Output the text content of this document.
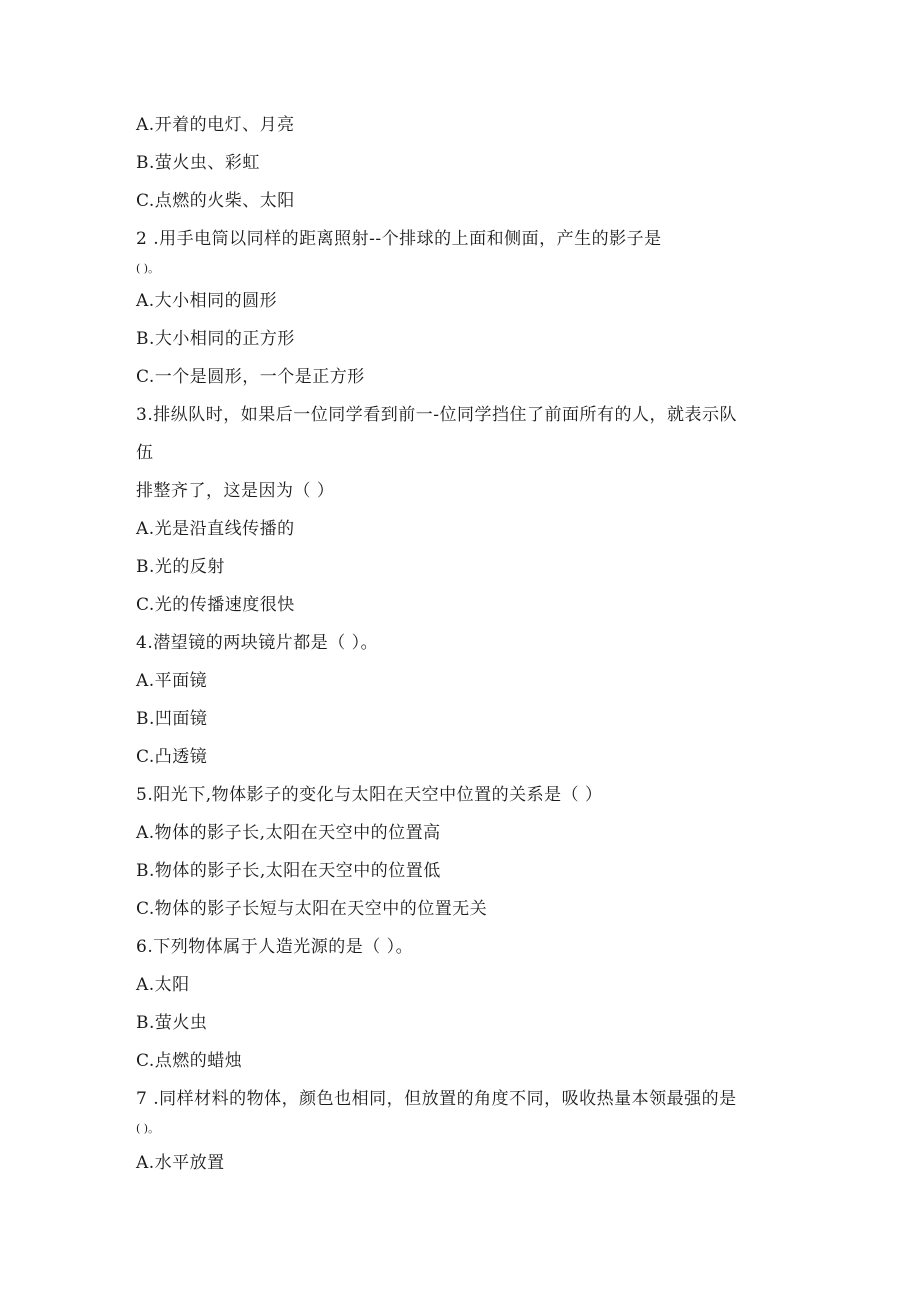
A.开着的电灯、月亮
B.萤火虫、彩虹
C.点燃的火柴、太阳
2 .用手电筒以同样的距离照射--个排球的上面和侧面，产生的影子是
( )。
A.大小相同的圆形
B.大小相同的正方形
C.一个是圆形，一个是正方形
3.排纵队时，如果后一位同学看到前一-位同学挡住了前面所有的人，就表示队
伍
排整齐了，这是因为（ ）
A.光是沿直线传播的
B.光的反射
C.光的传播速度很快
4.潜望镜的两块镜片都是（ ）。
A.平面镜
B.凹面镜
C.凸透镜
5.阳光下,物体影子的变化与太阳在天空中位置的关系是（ ）
A.物体的影子长,太阳在天空中的位置高
B.物体的影子长,太阳在天空中的位置低
C.物体的影子长短与太阳在天空中的位置无关
6.下列物体属于人造光源的是（ ）。
A.太阳
B.萤火虫
C.点燃的蜡烛
7 .同样材料的物体，颜色也相同，但放置的角度不同，吸收热量本领最强的是
( )。
A.水平放置
